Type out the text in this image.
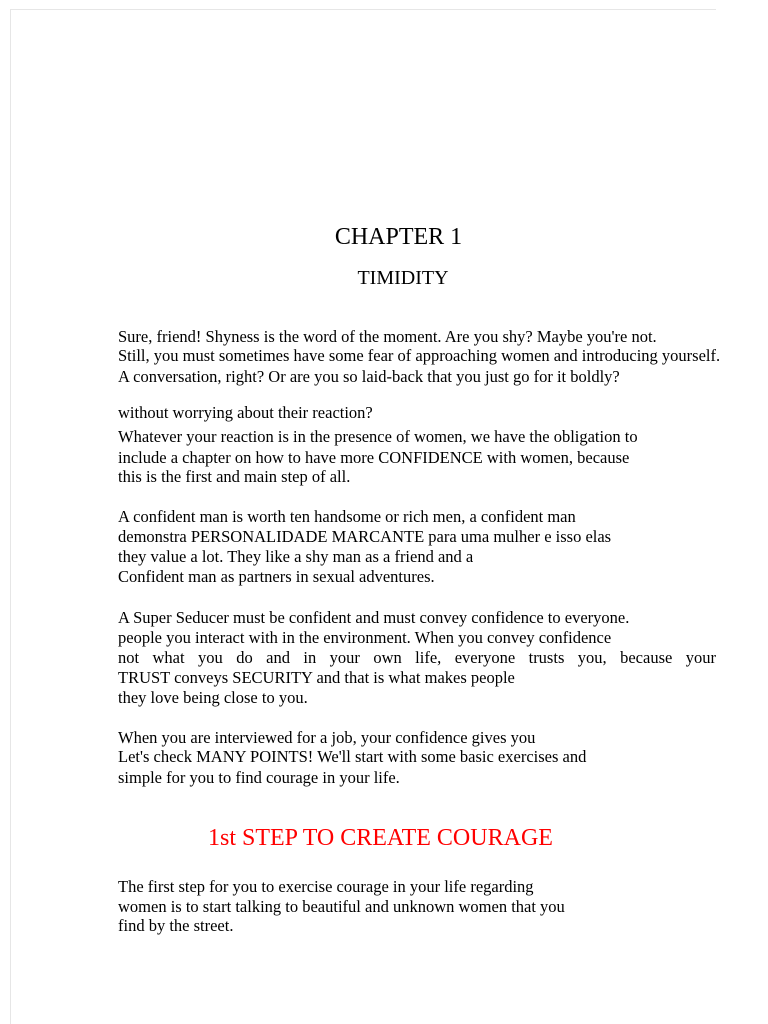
CHAPTER 1
TIMIDITY
Sure, friend! Shyness is the word of the moment. Are you shy? Maybe you're not.
Still, you must sometimes have some fear of approaching women and introducing yourself.
A conversation, right? Or are you so laid-back that you just go for it boldly?
without worrying about their reaction?
Whatever your reaction is in the presence of women, we have the obligation to
include a chapter on how to have more CONFIDENCE with women, because
this is the first and main step of all.
A confident man is worth ten handsome or rich men, a confident man
demonstra PERSONALIDADE MARCANTE para uma mulher e isso elas
they value a lot. They like a shy man as a friend and a
Confident man as partners in sexual adventures.
A Super Seducer must be confident and must convey confidence to everyone.
people you interact with in the environment. When you convey confidence
not what you do and in your own life, everyone trusts you, because your
TRUST conveys SECURITY and that is what makes people
they love being close to you.
When you are interviewed for a job, your confidence gives you
Let's check MANY POINTS! We'll start with some basic exercises and
simple for you to find courage in your life.
1st STEP TO CREATE COURAGE
The first step for you to exercise courage in your life regarding
women is to start talking to beautiful and unknown women that you
find by the street.
